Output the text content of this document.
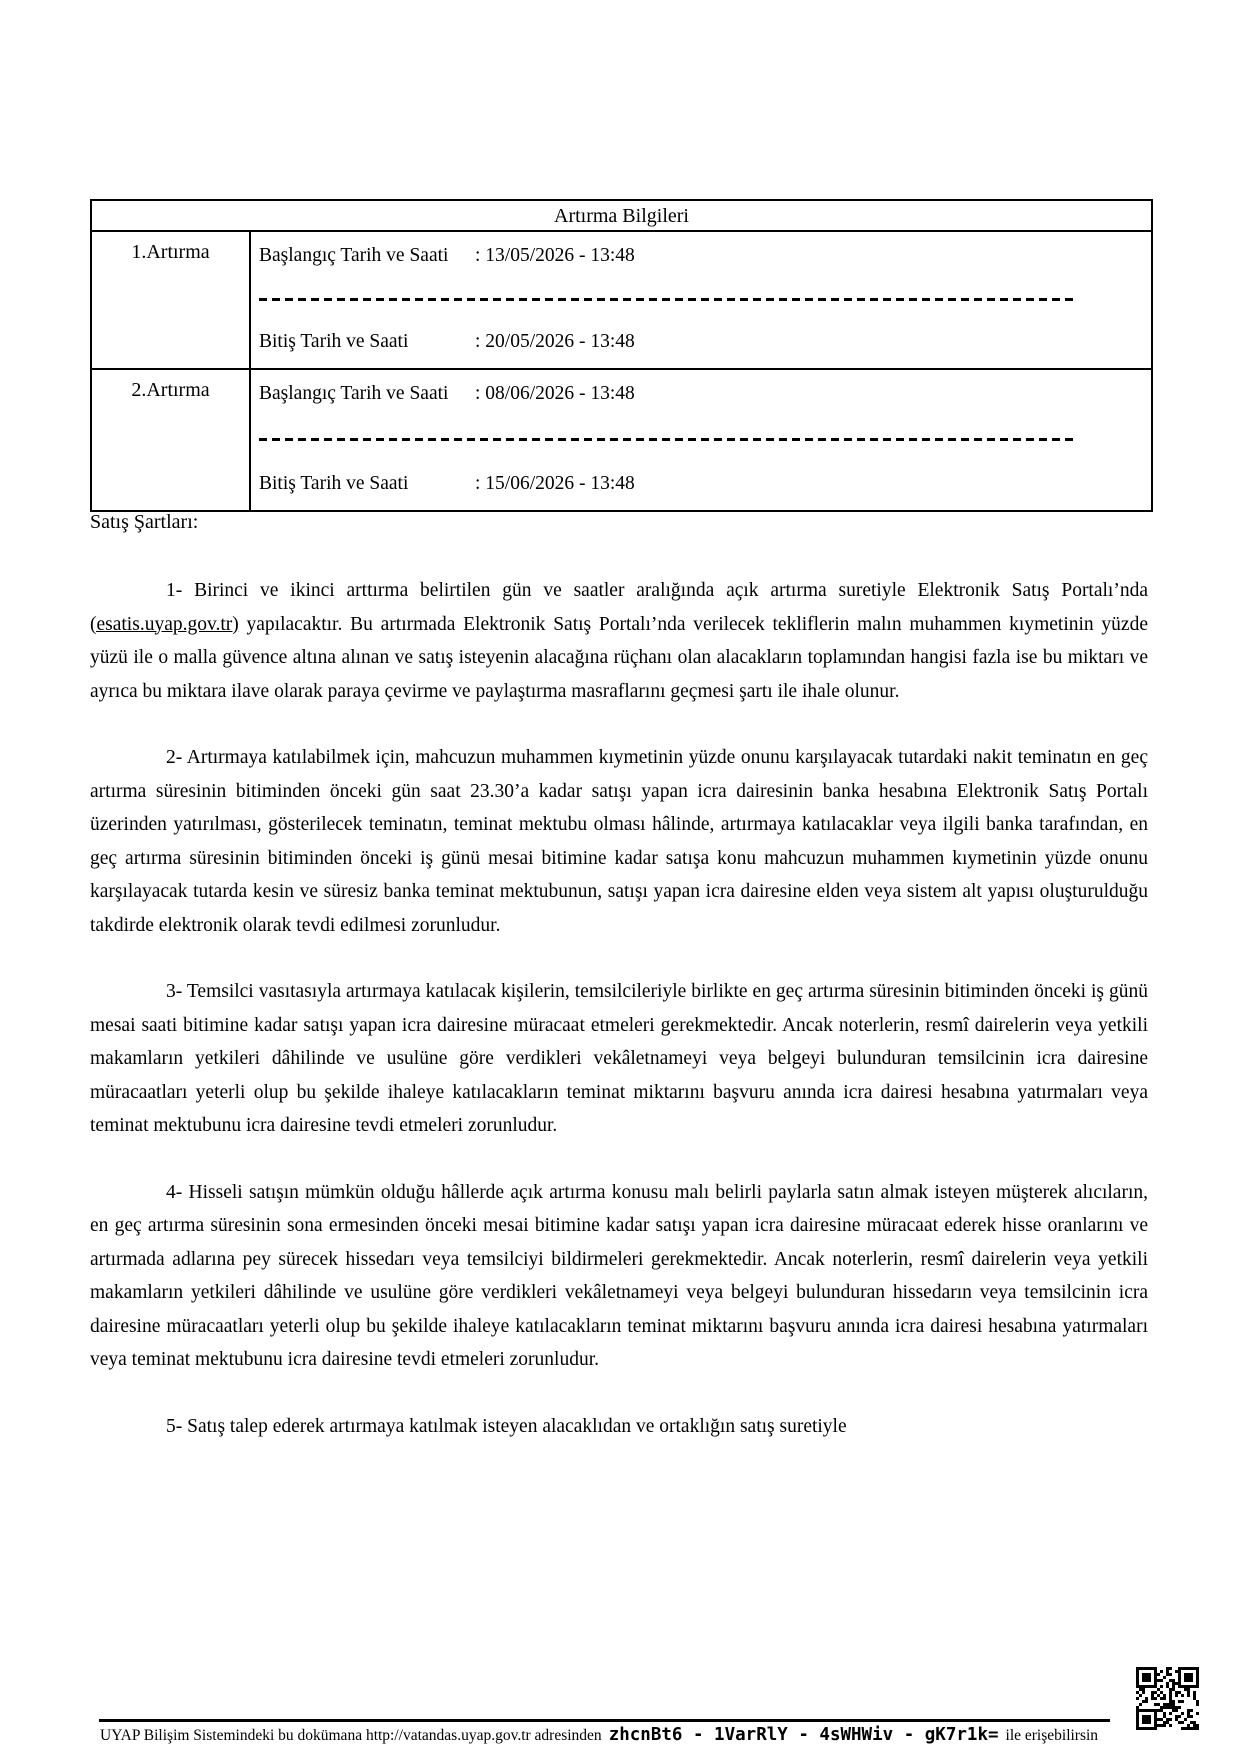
Artırma Bilgileri
1.Artırma	Başlangıç Tarih ve Saati : 13/05/2026 - 13:48
Bitiş Tarih ve Saati	: 20/05/2026 - 13:48
2.Artırma	Başlangıç Tarih ve Saati : 08/06/2026 - 13:48
Bitiş Tarih ve Saati	: 15/06/2026 - 13:48
Satış Şartları:

1- Birinci ve ikinci arttırma belirtilen gün ve saatler aralığında açık artırma suretiyle Elektronik Satış Portalı’nda (esatis.uyap.gov.tr) yapılacaktır. Bu artırmada Elektronik Satış Portalı’nda verilecek tekliflerin malın muhammen kıymetinin yüzde yüzü ile o malla güvence altına alınan ve satış isteyenin alacağına rüçhanı olan alacakların toplamından hangisi fazla ise bu miktarı ve ayrıca bu miktara ilave olarak paraya çevirme ve paylaştırma masraflarını geçmesi şartı ile ihale olunur.

2- Artırmaya katılabilmek için, mahcuzun muhammen kıymetinin yüzde onunu karşılayacak tutardaki nakit teminatın en geç artırma süresinin bitiminden önceki gün saat 23.30’a kadar satışı yapan icra dairesinin banka hesabına Elektronik Satış Portalı üzerinden yatırılması, gösterilecek teminatın, teminat mektubu olması hâlinde, artırmaya katılacaklar veya ilgili banka tarafından, en geç artırma süresinin bitiminden önceki iş günü mesai bitimine kadar satışa konu mahcuzun muhammen kıymetinin yüzde onunu karşılayacak tutarda kesin ve süresiz banka teminat mektubunun, satışı yapan icra dairesine elden veya sistem alt yapısı oluşturulduğu takdirde elektronik olarak tevdi edilmesi zorunludur.

3- Temsilci vasıtasıyla artırmaya katılacak kişilerin, temsilcileriyle birlikte en geç artırma süresinin bitiminden önceki iş günü mesai saati bitimine kadar satışı yapan icra dairesine müracaat etmeleri gerekmektedir. Ancak noterlerin, resmî dairelerin veya yetkili makamların yetkileri dâhilinde ve usulüne göre verdikleri vekâletnameyi veya belgeyi bulunduran temsilcinin icra dairesine müracaatları yeterli olup bu şekilde ihaleye katılacakların teminat miktarını başvuru anında icra dairesi hesabına yatırmaları veya teminat mektubunu icra dairesine tevdi etmeleri zorunludur.

4- Hisseli satışın mümkün olduğu hâllerde açık artırma konusu malı belirli paylarla satın almak isteyen müşterek alıcıların, en geç artırma süresinin sona ermesinden önceki mesai bitimine kadar satışı yapan icra dairesine müracaat ederek hisse oranlarını ve artırmada adlarına pey sürecek hissedarı veya temsilciyi bildirmeleri gerekmektedir. Ancak noterlerin, resmî dairelerin veya yetkili makamların yetkileri dâhilinde ve usulüne göre verdikleri vekâletnameyi veya belgeyi bulunduran hissedarın veya temsilcinin icra dairesine müracaatları yeterli olup bu şekilde ihaleye katılacakların teminat miktarını başvuru anında icra dairesi hesabına yatırmaları veya teminat mektubunu icra dairesine tevdi etmeleri zorunludur.

5- Satış talep ederek artırmaya katılmak isteyen alacaklıdan ve ortaklığın satış suretiyle

UYAP Bilişim Sistemindeki bu dokümana http://vatandas.uyap.gov.tr adresinden zhcnBt6 - 1VarRlY - 4sWHWiv - gK7r1k= ile erişebilirsin
